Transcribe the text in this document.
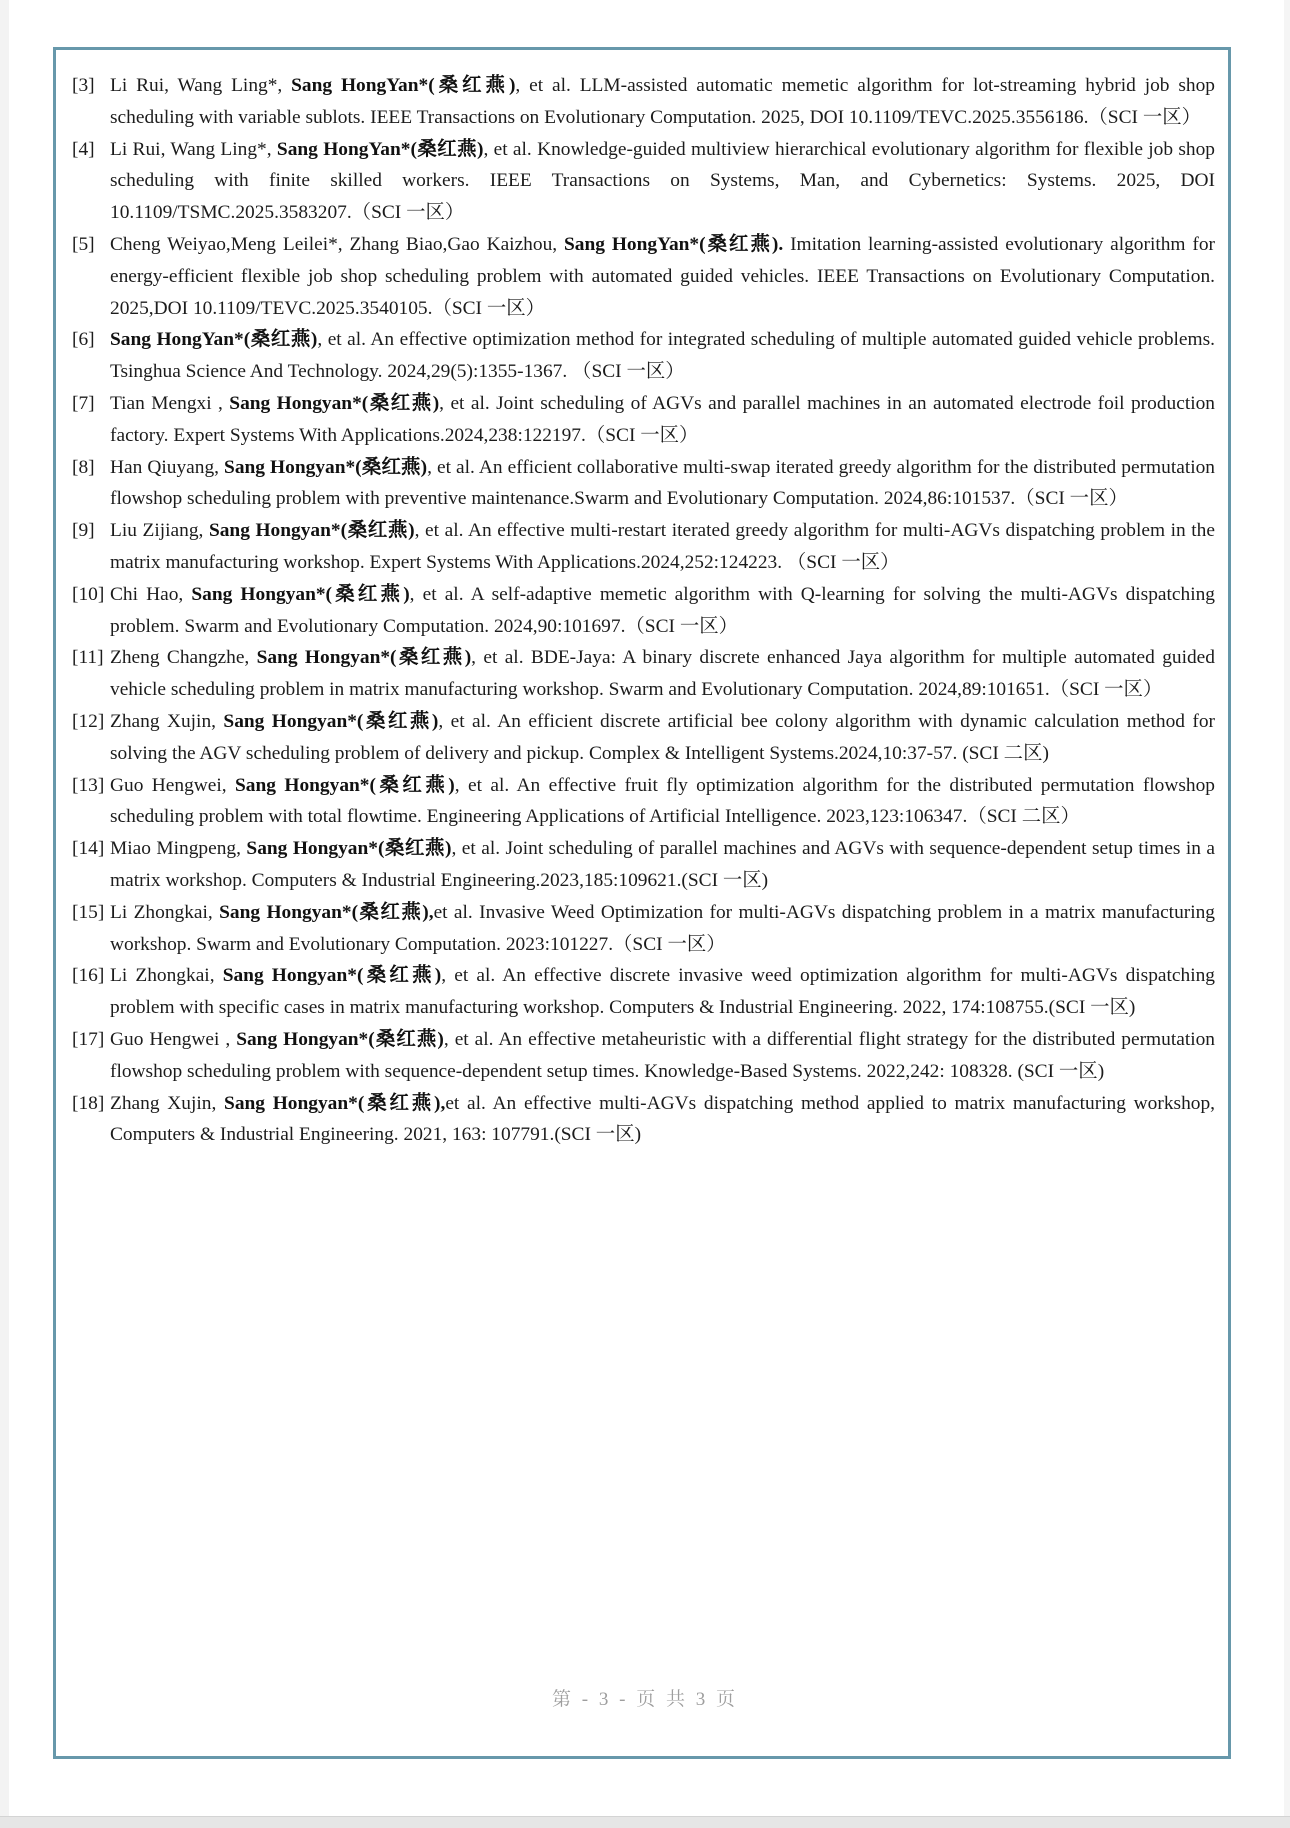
[3] Li Rui, Wang Ling*, Sang HongYan*(桑红燕), et al. LLM-assisted automatic memetic algorithm for lot-streaming hybrid job shop scheduling with variable sublots. IEEE Transactions on Evolutionary Computation. 2025, DOI 10.1109/TEVC.2025.3556186.（SCI 一区）
[4] Li Rui, Wang Ling*, Sang HongYan*(桑红燕), et al. Knowledge-guided multiview hierarchical evolutionary algorithm for flexible job shop scheduling with finite skilled workers. IEEE Transactions on Systems, Man, and Cybernetics: Systems. 2025, DOI 10.1109/TSMC.2025.3583207.（SCI 一区）
[5] Cheng Weiyao,Meng Leilei*, Zhang Biao,Gao Kaizhou, Sang HongYan*(桑红燕). Imitation learning-assisted evolutionary algorithm for energy-efficient flexible job shop scheduling problem with automated guided vehicles. IEEE Transactions on Evolutionary Computation. 2025,DOI 10.1109/TEVC.2025.3540105.（SCI 一区）
[6] Sang HongYan*(桑红燕), et al. An effective optimization method for integrated scheduling of multiple automated guided vehicle problems. Tsinghua Science And Technology. 2024,29(5):1355-1367. （SCI 一区）
[7] Tian Mengxi , Sang Hongyan*(桑红燕), et al. Joint scheduling of AGVs and parallel machines in an automated electrode foil production factory. Expert Systems With Applications.2024,238:122197.（SCI 一区）
[8] Han Qiuyang, Sang Hongyan*(桑红燕), et al. An efficient collaborative multi-swap iterated greedy algorithm for the distributed permutation flowshop scheduling problem with preventive maintenance.Swarm and Evolutionary Computation. 2024,86:101537.（SCI 一区）
[9] Liu Zijiang, Sang Hongyan*(桑红燕), et al. An effective multi-restart iterated greedy algorithm for multi-AGVs dispatching problem in the matrix manufacturing workshop. Expert Systems With Applications.2024,252:124223. （SCI 一区）
[10] Chi Hao, Sang Hongyan*(桑红燕), et al. A self-adaptive memetic algorithm with Q-learning for solving the multi-AGVs dispatching problem. Swarm and Evolutionary Computation. 2024,90:101697.（SCI 一区）
[11] Zheng Changzhe, Sang Hongyan*(桑红燕), et al. BDE-Jaya: A binary discrete enhanced Jaya algorithm for multiple automated guided vehicle scheduling problem in matrix manufacturing workshop. Swarm and Evolutionary Computation. 2024,89:101651.（SCI 一区）
[12] Zhang Xujin, Sang Hongyan*(桑红燕), et al. An efficient discrete artificial bee colony algorithm with dynamic calculation method for solving the AGV scheduling problem of delivery and pickup. Complex & Intelligent Systems.2024,10:37-57. (SCI 二区)
[13] Guo Hengwei, Sang Hongyan*(桑红燕), et al. An effective fruit fly optimization algorithm for the distributed permutation flowshop scheduling problem with total flowtime. Engineering Applications of Artificial Intelligence. 2023,123:106347.（SCI 二区）
[14] Miao Mingpeng, Sang Hongyan*(桑红燕), et al. Joint scheduling of parallel machines and AGVs with sequence-dependent setup times in a matrix workshop. Computers & Industrial Engineering.2023,185:109621.(SCI 一区)
[15] Li Zhongkai, Sang Hongyan*(桑红燕),et al. Invasive Weed Optimization for multi-AGVs dispatching problem in a matrix manufacturing workshop. Swarm and Evolutionary Computation. 2023:101227.（SCI 一区）
[16] Li Zhongkai, Sang Hongyan*(桑红燕), et al. An effective discrete invasive weed optimization algorithm for multi-AGVs dispatching problem with specific cases in matrix manufacturing workshop. Computers & Industrial Engineering. 2022, 174:108755.(SCI 一区)
[17] Guo Hengwei , Sang Hongyan*(桑红燕), et al. An effective metaheuristic with a differential flight strategy for the distributed permutation flowshop scheduling problem with sequence-dependent setup times. Knowledge-Based Systems. 2022,242: 108328. (SCI 一区)
[18] Zhang Xujin, Sang Hongyan*(桑红燕),et al. An effective multi-AGVs dispatching method applied to matrix manufacturing workshop, Computers & Industrial Engineering. 2021, 163: 107791.(SCI 一区)
第 - 3 - 页 共 3 页
